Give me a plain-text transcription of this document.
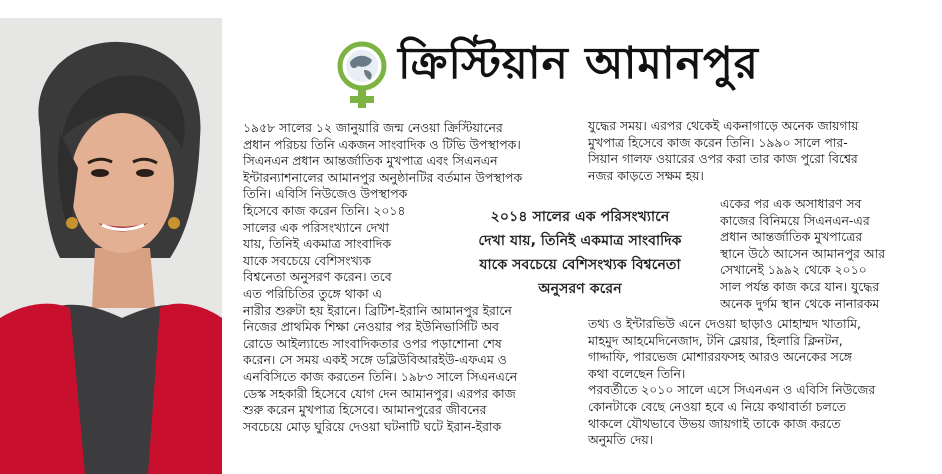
ক্রিস্টিয়ান আমানপুর

১৯৫৮ সালের ১২ জানুয়ারি জন্ম নেওয়া ক্রিস্টিয়ানের

প্রধান পরিচয় তিনি একজন সাংবাদিক ও টিভি উপস্থাপক।

সিএনএন প্রধান আন্তর্জাতিক মুখপাত্র এবং সিএনএন

ইন্টারন্যাশনালের আমানপুর অনুষ্ঠানটির বর্তমান উপস্থাপক

তিনি। এবিসি নিউজেও উপস্থাপক

হিসেবে কাজ করেন তিনি। ২০১৪

সালের এক পরিসংখ্যানে দেখা

যায়, তিনিই একমাত্র সাংবাদিক

যাকে সবচেয়ে বেশিসংখ্যক

বিশ্বনেতা অনুসরণ করেন। তবে

এত পরিচিতির তুঙ্গে থাকা এ

নারীর শুরুটা হয় ইরানে। ব্রিটিশ-ইরানি আমানপুর ইরানে

নিজের প্রাথমিক শিক্ষা নেওয়ার পর ইউনিভার্সিটি অব

রোডে আইল্যান্ডে সাংবাদিকতার ওপর পড়াশোনা শেষ

করেন। সে সময় একই সঙ্গে ডব্লিউবিআরইউ-এফএম ও

এনবিসিতে কাজ করতেন তিনি। ১৯৮৩ সালে সিএনএনে

ডেস্ক সহকারী হিসেবে যোগ দেন আমানপুর। এরপর কাজ

শুরু করেন মুখপাত্র হিসেবে। আমানপুরের জীবনের

সবচেয়ে মোড় ঘুরিয়ে দেওয়া ঘটনাটি ঘটে ইরান-ইরাক

যুদ্ধের সময়। এরপর থেকেই একনাগাড়ে অনেক জায়গায়

মুখপাত্র হিসেবে কাজ করেন তিনি। ১৯৯০ সালে পার-

সিয়ান গালফ ওয়ারের ওপর করা তার কাজ পুরো বিশ্বের

নজর কাড়তে সক্ষম হয়।

২০১৪ সালের এক পরিসংখ্যানে
দেখা যায়, তিনিই একমাত্র সাংবাদিক
যাকে সবচেয়ে বেশিসংখ্যক বিশ্বনেতা
অনুসরণ করেন

একের পর এক অসাধারণ সব

কাজের বিনিময়ে সিএনএন-এর

প্রধান আন্তর্জাতিক মুখপাত্রের

স্থানে উঠে আসেন আমানপুর আর

সেখানেই ১৯৯২ থেকে ২০১০

সাল পর্যন্ত কাজ করে যান। যুদ্ধের

অনেক দুর্গম স্থান থেকে নানারকম

তথ্য ও ইন্টারভিউ এনে দেওয়া ছাড়াও মোহাম্মদ খাতামি,

মাহমুদ আহমেদিনেজাদ, টনি ব্লেয়ার, হিলারি ক্লিনটন,

গাদ্দাফি, পারভেজ মোশাররফসহ আরও অনেকের সঙ্গে

কথা বলেছেন তিনি।

পরবর্তীতে ২০১০ সালে এসে সিএনএন ও এবিসি নিউজের

কোনটাকে বেছে নেওয়া হবে এ নিয়ে কথাবার্তা চলতে

থাকলে যৌথভাবে উভয় জায়গাই তাকে কাজ করতে

অনুমতি দেয়।
